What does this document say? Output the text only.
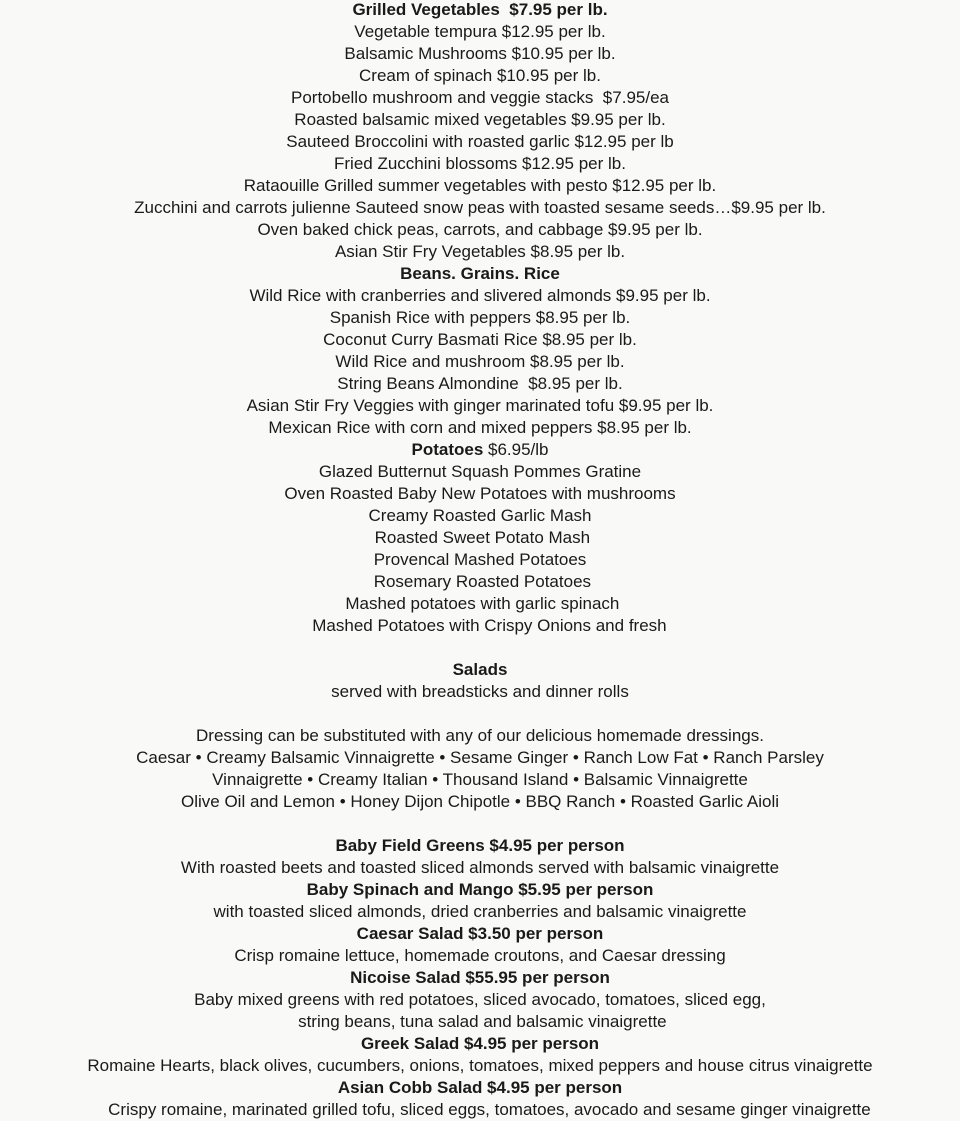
Grilled Vegetables  $7.95 per lb.
Vegetable tempura $12.95 per lb.
Balsamic Mushrooms $10.95 per lb.
Cream of spinach $10.95 per lb.
Portobello mushroom and veggie stacks  $7.95/ea
Roasted balsamic mixed vegetables $9.95 per lb.
Sauteed Broccolini with roasted garlic $12.95 per lb
Fried Zucchini blossoms $12.95 per lb.
Rataouille Grilled summer vegetables with pesto $12.95 per lb.
Zucchini and carrots julienne Sauteed snow peas with toasted sesame seeds…$9.95 per lb.
Oven baked chick peas, carrots, and cabbage $9.95 per lb.
Asian Stir Fry Vegetables $8.95 per lb.
Beans. Grains. Rice
Wild Rice with cranberries and slivered almonds $9.95 per lb.
Spanish Rice with peppers $8.95 per lb.
Coconut Curry Basmati Rice $8.95 per lb.
Wild Rice and mushroom $8.95 per lb.
String Beans Almondine  $8.95 per lb.
Asian Stir Fry Veggies with ginger marinated tofu $9.95 per lb.
Mexican Rice with corn and mixed peppers $8.95 per lb.
Potatoes $6.95/lb
Glazed Butternut Squash Pommes Gratine
Oven Roasted Baby New Potatoes with mushrooms
Creamy Roasted Garlic Mash
Roasted Sweet Potato Mash
Provencal Mashed Potatoes
Rosemary Roasted Potatoes
Mashed potatoes with garlic spinach
Mashed Potatoes with Crispy Onions and fresh
Salads
served with breadsticks and dinner rolls
Dressing can be substituted with any of our delicious homemade dressings.
Caesar • Creamy Balsamic Vinnaigrette • Sesame Ginger • Ranch Low Fat • Ranch Parsley
Vinnaigrette • Creamy Italian • Thousand Island • Balsamic Vinnaigrette
Olive Oil and Lemon • Honey Dijon Chipotle • BBQ Ranch • Roasted Garlic Aioli
Baby Field Greens $4.95 per person
With roasted beets and toasted sliced almonds served with balsamic vinaigrette
Baby Spinach and Mango $5.95 per person
with toasted sliced almonds, dried cranberries and balsamic vinaigrette
Caesar Salad $3.50 per person
Crisp romaine lettuce, homemade croutons, and Caesar dressing
Nicoise Salad $55.95 per person
Baby mixed greens with red potatoes, sliced avocado, tomatoes, sliced egg,
string beans, tuna salad and balsamic vinaigrette
Greek Salad $4.95 per person
Romaine Hearts, black olives, cucumbers, onions, tomatoes, mixed peppers and house citrus vinaigrette
Asian Cobb Salad $4.95 per person
Crispy romaine, marinated grilled tofu, sliced eggs, tomatoes, avocado and sesame ginger vinaigrette
